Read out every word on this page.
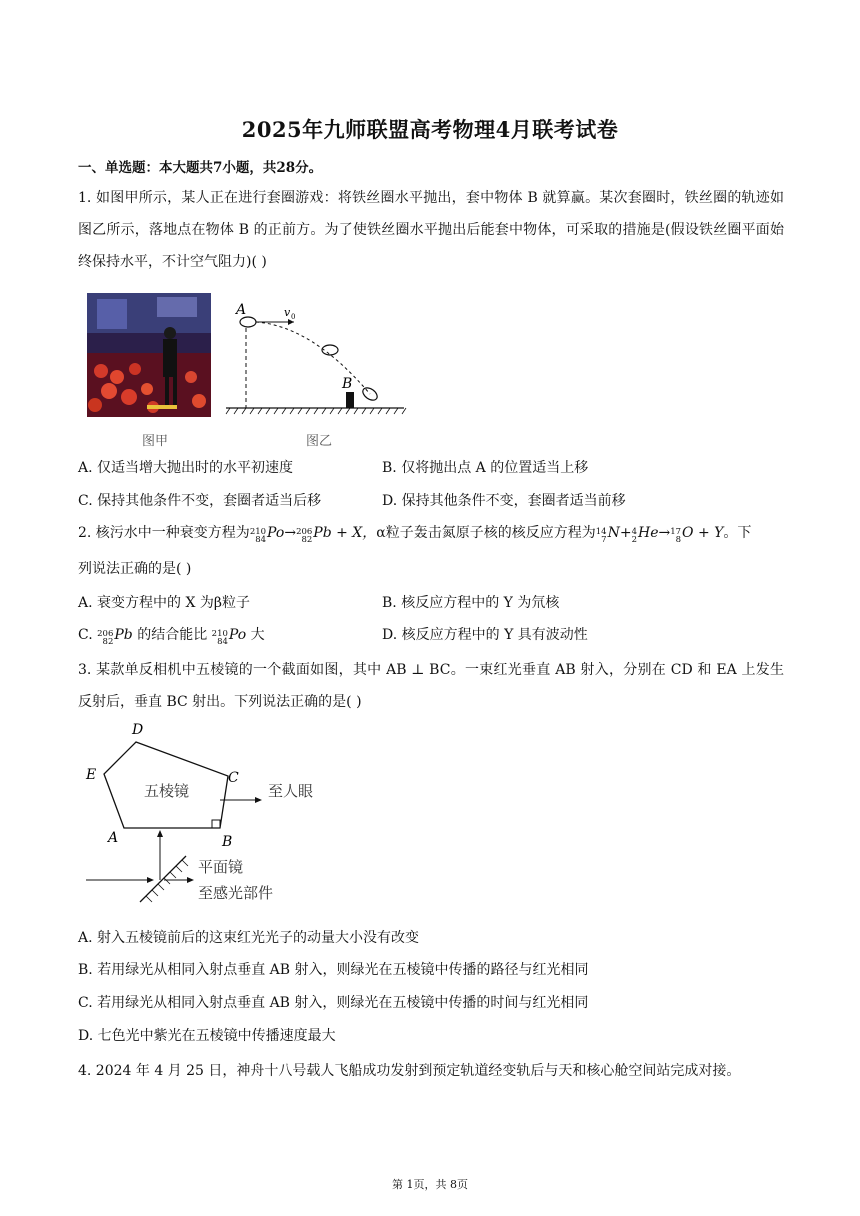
2025年九师联盟高考物理4月联考试卷
一、单选题：本大题共7小题，共28分。
1. 如图甲所示，某人正在进行套圈游戏：将铁丝圈水平抛出，套中物体 B 就算赢。某次套圈时，铁丝圈的轨迹如图乙所示，落地点在物体 B 的正前方。为了使铁丝圈水平抛出后能套中物体，可采取的措施是(假设铁丝圈平面始终保持水平，不计空气阻力)( )
图甲
A	v 0
B
图乙
A. 仅适当增大抛出时的水平初速度	B. 仅将抛出点 A 的位置适当上移
C. 保持其他条件不变，套圈者适当后移	D. 保持其他条件不变，套圈者适当前移
2. 核污水中一种衰变方程为 210
84 Po→ 206
82 Pb + X，α粒子轰击氮原子核的核反应方程为 14
7 N+ 4
2 He→ 17
8 O + Y。下
列说法正确的是( )
A. 衰变方程中的 X 为β粒子	B. 核反应方程中的 Y 为氘核
C. 206
82 Pb 的结合能比 210
84 Po 大	D. 核反应方程中的 Y 具有波动性
3. 某款单反相机中五棱镜的一个截面如图，其中 AB ⊥ BC。一束红光垂直 AB 射入，分别在 CD 和 EA 上发生反射后，垂直 BC 射出。下列说法正确的是( )
D
E	C
A	B
五棱镜	至人眼
平面镜
至感光部件
A. 射入五棱镜前后的这束红光光子的动量大小没有改变
B. 若用绿光从相同入射点垂直 AB 射入，则绿光在五棱镜中传播的路径与红光相同
C. 若用绿光从相同入射点垂直 AB 射入，则绿光在五棱镜中传播的时间与红光相同
D. 七色光中紫光在五棱镜中传播速度最大
4. 2024 年 4 月 25 日，神舟十八号载人飞船成功发射到预定轨道经变轨后与天和核心舱空间站完成对接。
第 1页，共 8页
